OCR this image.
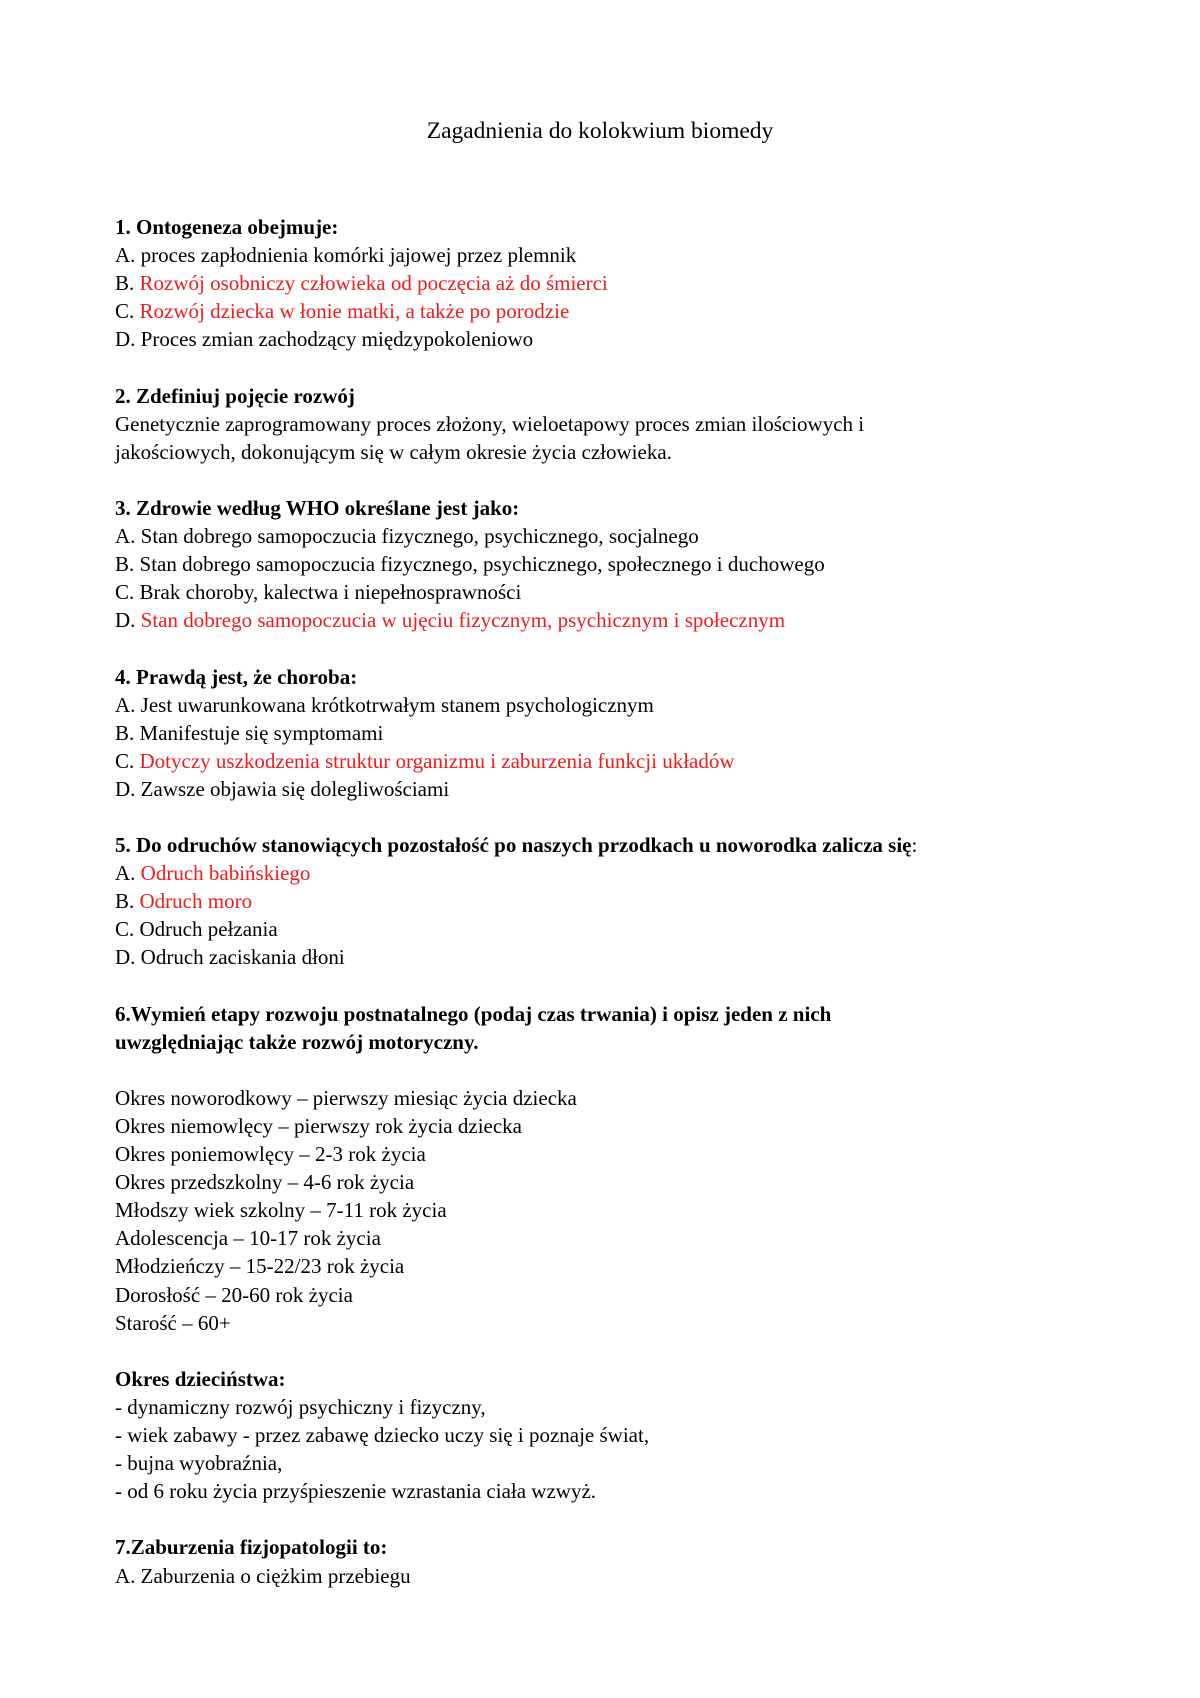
Zagadnienia do kolokwium biomedy
1. Ontogeneza obejmuje:
A. proces zapłodnienia komórki jajowej przez plemnik
B. Rozwój osobniczy człowieka od poczęcia aż do śmierci
C. Rozwój dziecka w łonie matki, a także po porodzie
D. Proces zmian zachodzący międzypokoleniowo
2. Zdefiniuj pojęcie rozwój
Genetycznie zaprogramowany proces złożony, wieloetapowy proces zmian ilościowych i
jakościowych, dokonującym się w całym okresie życia człowieka.
3. Zdrowie według WHO określane jest jako:
A. Stan dobrego samopoczucia fizycznego, psychicznego, socjalnego
B. Stan dobrego samopoczucia fizycznego, psychicznego, społecznego i duchowego
C. Brak choroby, kalectwa i niepełnosprawności
D. Stan dobrego samopoczucia w ujęciu fizycznym, psychicznym i społecznym
4. Prawdą jest, że choroba:
A. Jest uwarunkowana krótkotrwałym stanem psychologicznym
B. Manifestuje się symptomami
C. Dotyczy uszkodzenia struktur organizmu i zaburzenia funkcji układów
D. Zawsze objawia się dolegliwościami
5. Do odruchów stanowiących pozostałość po naszych przodkach u noworodka zalicza się:
A. Odruch babińskiego
B. Odruch moro
C. Odruch pełzania
D. Odruch zaciskania dłoni
6.Wymień etapy rozwoju postnatalnego (podaj czas trwania) i opisz jeden z nich
uwzględniając także rozwój motoryczny.
Okres noworodkowy – pierwszy miesiąc życia dziecka
Okres niemowlęcy – pierwszy rok życia dziecka
Okres poniemowlęcy – 2-3 rok życia
Okres przedszkolny – 4-6 rok życia
Młodszy wiek szkolny – 7-11 rok życia
Adolescencja – 10-17 rok życia
Młodzieńczy – 15-22/23 rok życia
Dorosłość – 20-60 rok życia
Starość – 60+
Okres dzieciństwa:
- dynamiczny rozwój psychiczny i fizyczny,
- wiek zabawy - przez zabawę dziecko uczy się i poznaje świat,
- bujna wyobraźnia,
- od 6 roku życia przyśpieszenie wzrastania ciała wzwyż.
7.Zaburzenia fizjopatologii to:
A. Zaburzenia o ciężkim przebiegu
